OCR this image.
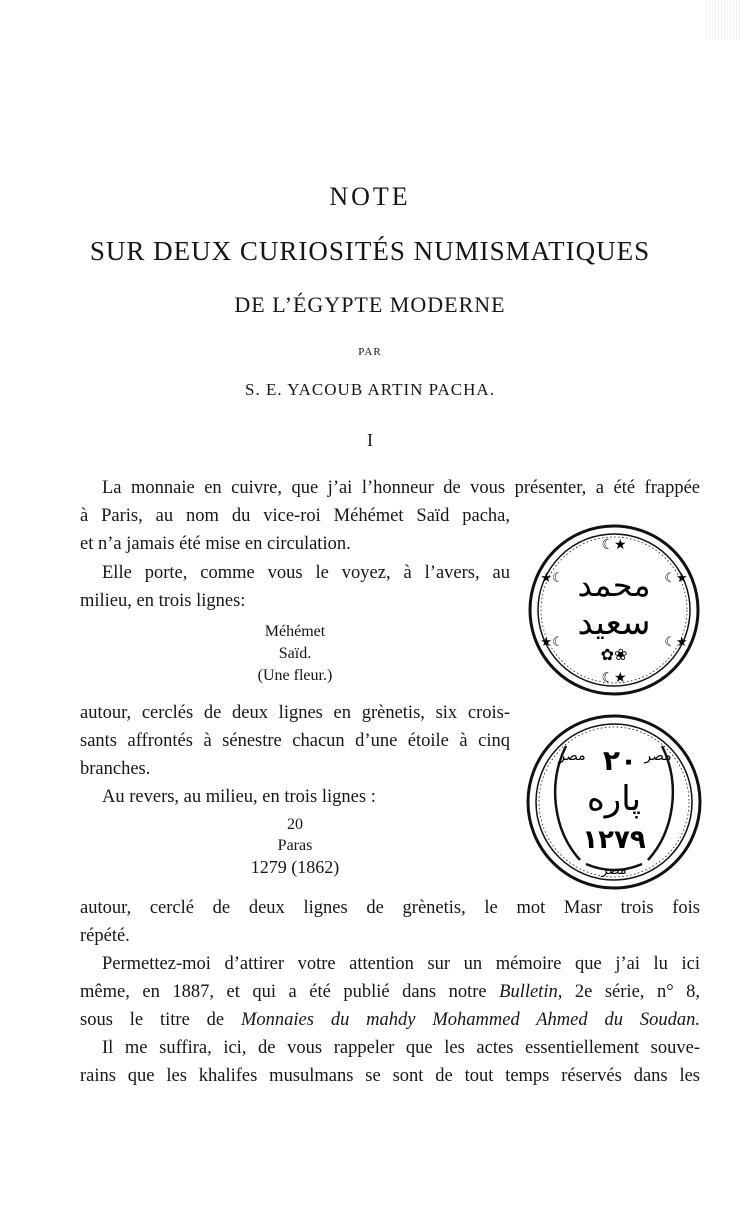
NOTE
SUR DEUX CURIOSITÉS NUMISMATIQUES
DE L’ÉGYPTE MODERNE
PAR
S. E. YACOUB ARTIN PACHA.
I
La monnaie en cuivre, que j’ai l’honneur de vous présenter, a été frappée
à Paris, au nom du vice-roi Méhémet Saïd pacha,
et n’a jamais été mise en circulation.
Elle porte, comme vous le voyez, à l’avers, au
milieu, en trois lignes:
Méhémet
Saïd.
(Une fleur.)
autour, cerclés de deux lignes en grènetis, six crois-
sants affrontés à sénestre chacun d’une étoile à cinq
branches.
Au revers, au milieu, en trois lignes :
20
Paras
1279 (1862)
autour, cerclé de deux lignes de grènetis, le mot Masr trois fois
répété.
Permettez-moi d’attirer votre attention sur un mémoire que j’ai lu ici
même, en 1887, et qui a été publié dans notre Bulletin, 2e série, n° 8,
sous le titre de Monnaies du mahdy Mohammed Ahmed du Soudan.
Il me suffira, ici, de vous rappeler que les actes essentiellement souve-
rains que les khalifes musulmans se sont de tout temps réservés dans les
☾★
☾★
★☾	☾★
★☾	☾★
محمد
سعيد
✿❀
مصر	مصر
مصر
٢٠
پاره
١٢٧٩
